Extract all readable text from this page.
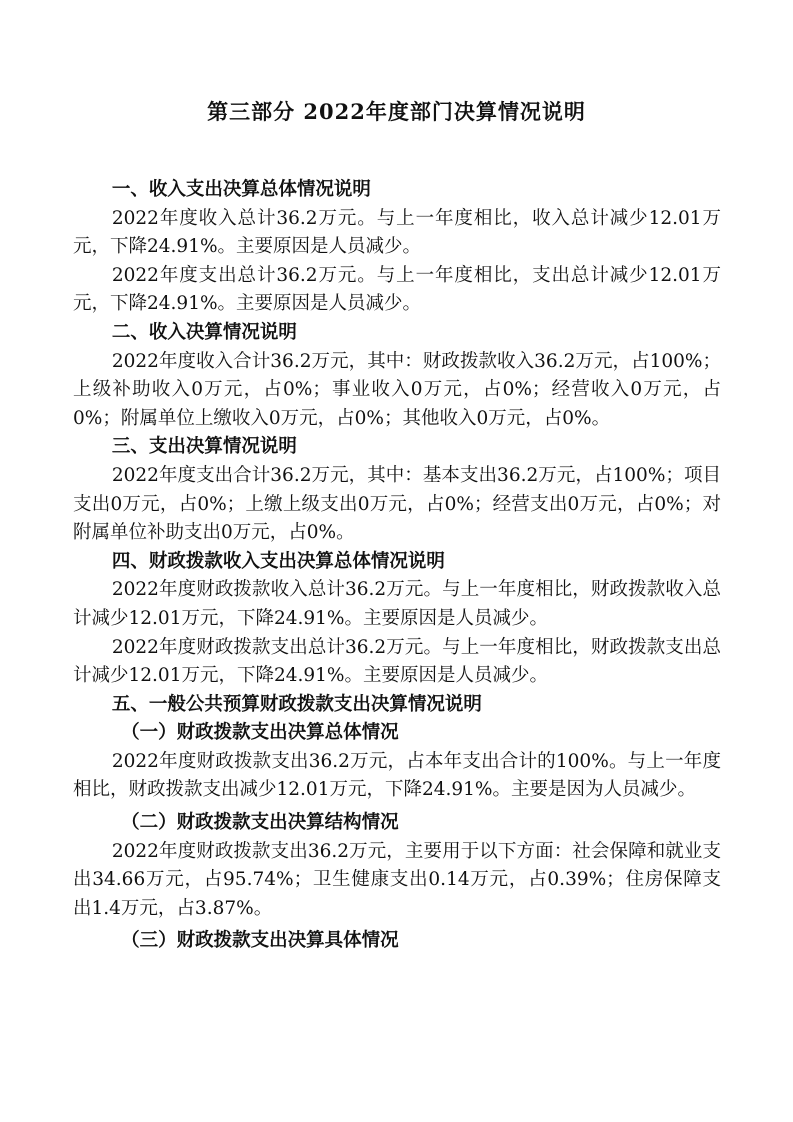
第三部分 2022年度部门决算情况说明
一、收入支出决算总体情况说明

2022年度收入总计36.2万元。与上一年度相比，收入总计减少12.01万元，下降24.91%。主要原因是人员减少。

2022年度支出总计36.2万元。与上一年度相比，支出总计减少12.01万元，下降24.91%。主要原因是人员减少。

二、收入决算情况说明

2022年度收入合计36.2万元，其中：财政拨款收入36.2万元，占100%；上级补助收入0万元，占0%；事业收入0万元，占0%；经营收入0万元，占0%；附属单位上缴收入0万元，占0%；其他收入0万元，占0%。

三、支出决算情况说明

2022年度支出合计36.2万元，其中：基本支出36.2万元，占100%；项目支出0万元，占0%；上缴上级支出0万元，占0%；经营支出0万元，占0%；对附属单位补助支出0万元，占0%。

四、财政拨款收入支出决算总体情况说明

2022年度财政拨款收入总计36.2万元。与上一年度相比，财政拨款收入总计减少12.01万元，下降24.91%。主要原因是人员减少。

2022年度财政拨款支出总计36.2万元。与上一年度相比，财政拨款支出总计减少12.01万元，下降24.91%。主要原因是人员减少。

五、一般公共预算财政拨款支出决算情况说明
（一）财政拨款支出决算总体情况

2022年度财政拨款支出36.2万元，占本年支出合计的100%。与上一年度相比，财政拨款支出减少12.01万元，下降24.91%。主要是因为人员减少。

（二）财政拨款支出决算结构情况

2022年度财政拨款支出36.2万元，主要用于以下方面：社会保障和就业支出34.66万元，占95.74%；卫生健康支出0.14万元，占0.39%；住房保障支出1.4万元，占3.87%。

（三）财政拨款支出决算具体情况
